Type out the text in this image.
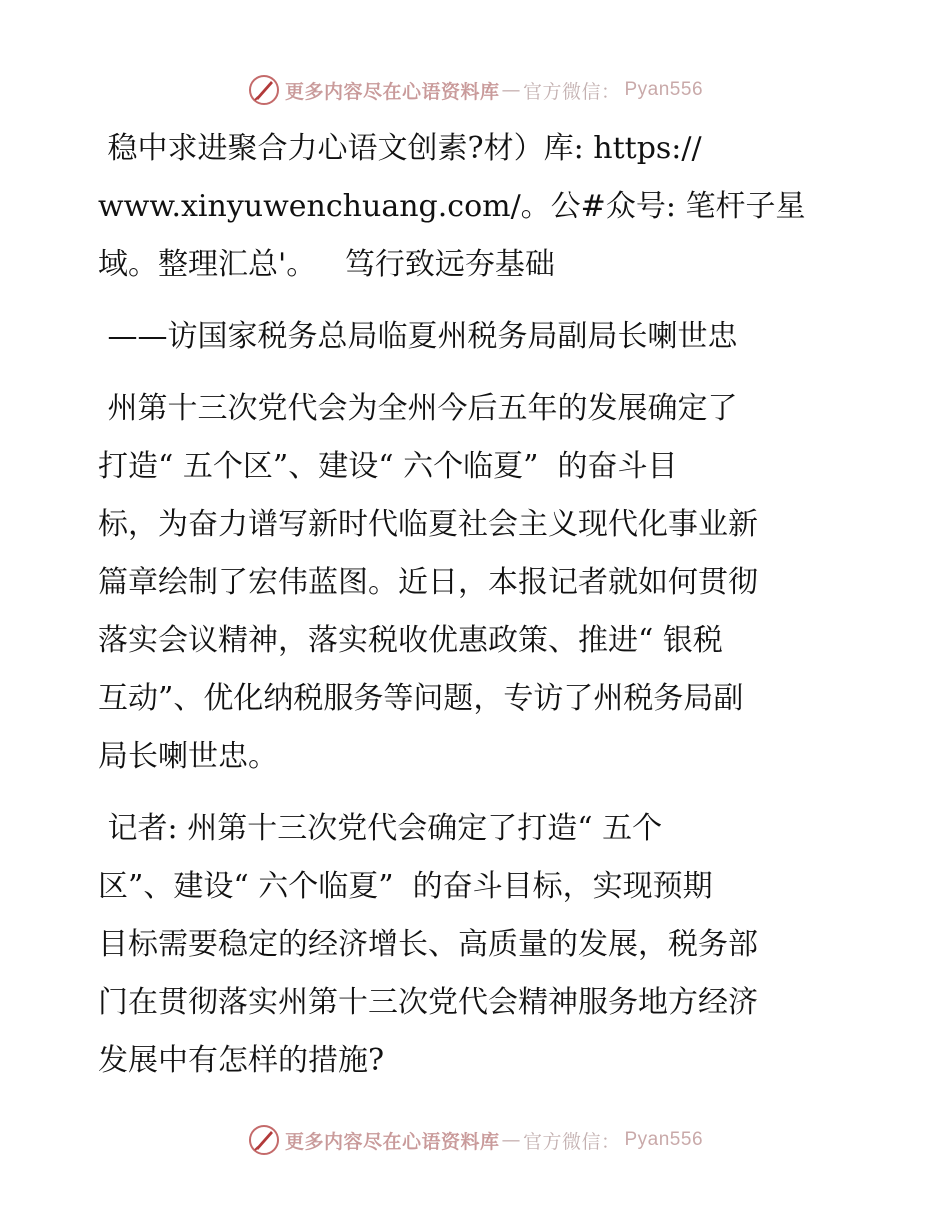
更多内容尽在心语资料库 — 官方微信： Pyan556

稳中求进聚合力心语文创素?材）库: https://

www.xinyuwenchuang.com/。公#众号: 笔杆子星

域。整理汇总'。   笃行致远夯基础

——访国家税务总局临夏州税务局副局长喇世忠

州第十三次党代会为全州今后五年的发展确定了

打造“ 五个区”、建设“ 六个临夏”  的奋斗目

标，为奋力谱写新时代临夏社会主义现代化事业新

篇章绘制了宏伟蓝图。近日，本报记者就如何贯彻

落实会议精神，落实税收优惠政策、推进“ 银税

互动”、优化纳税服务等问题，专访了州税务局副

局长喇世忠。

记者: 州第十三次党代会确定了打造“ 五个

区”、建设“ 六个临夏”  的奋斗目标，实现预期

目标需要稳定的经济增长、高质量的发展，税务部

门在贯彻落实州第十三次党代会精神服务地方经济

发展中有怎样的措施?

更多内容尽在心语资料库 — 官方微信： Pyan556
